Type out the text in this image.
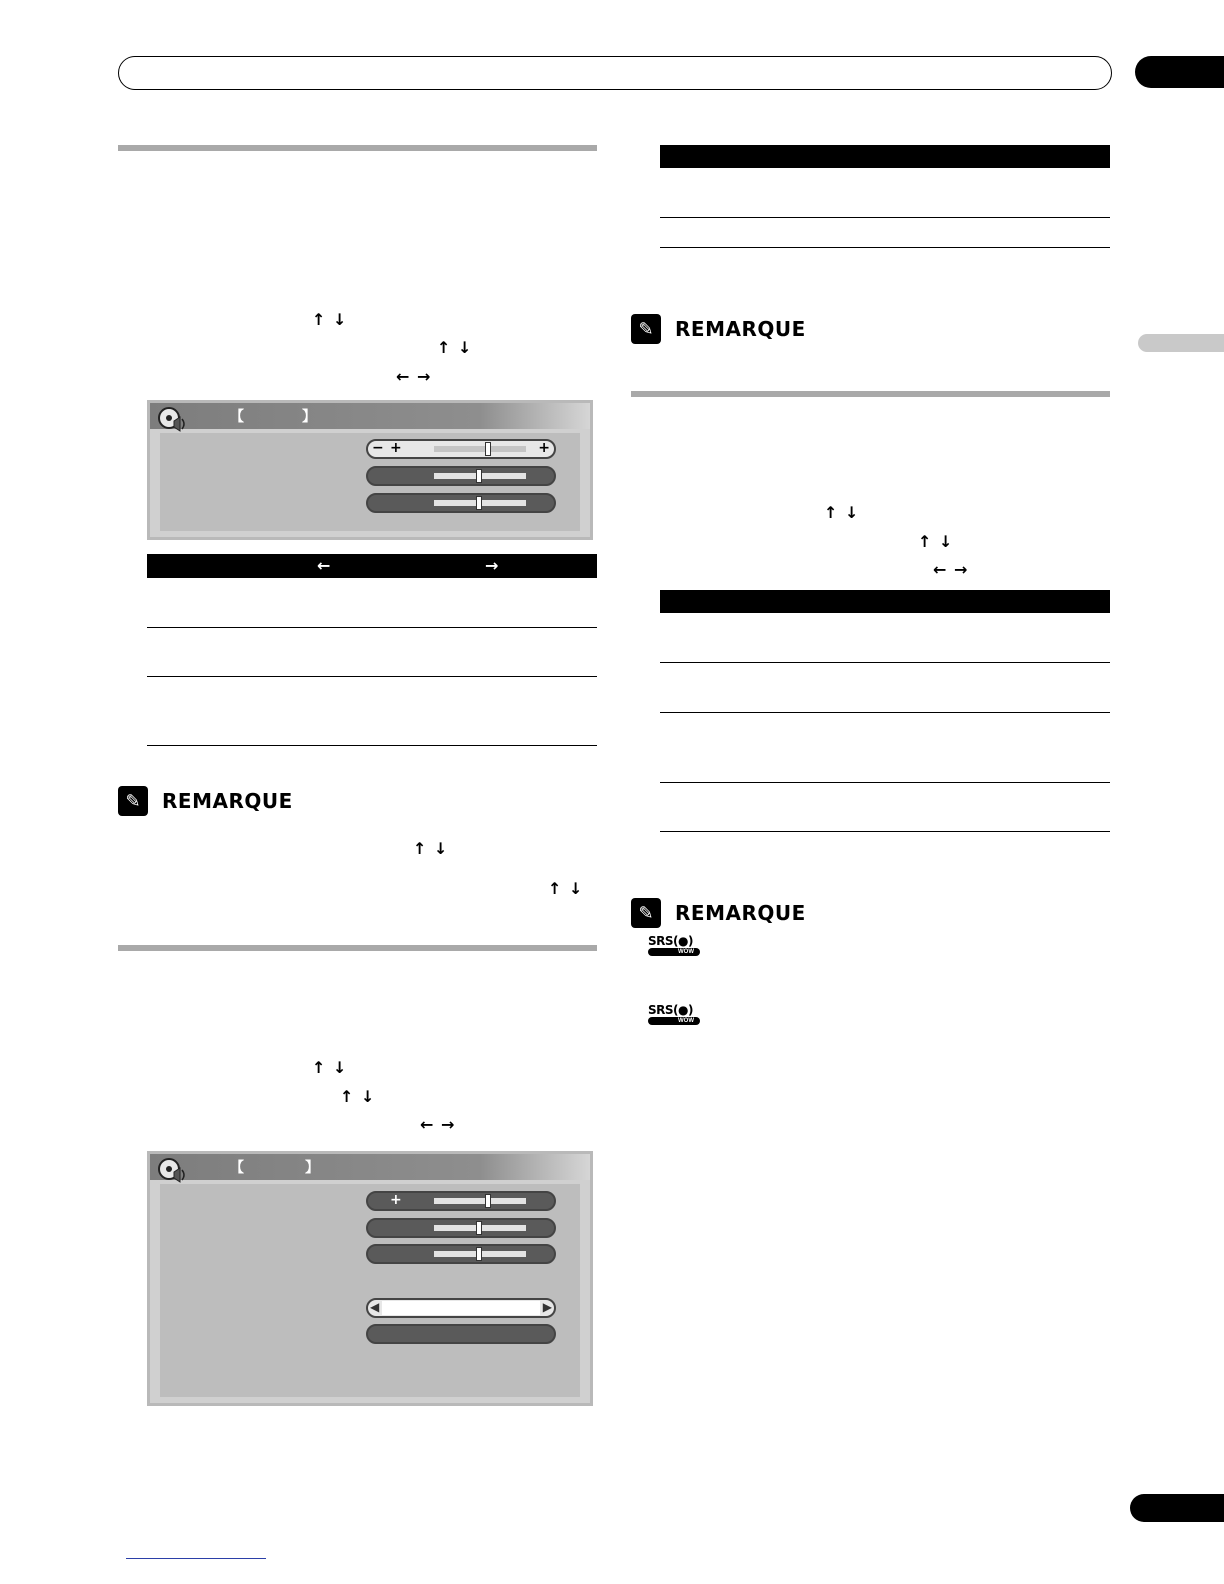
↑ ↓
↑ ↓
← →
【	】
− +	+
←	→
✎	REMARQUE
↑ ↓
↑ ↓
↑ ↓
↑ ↓
← →
【	】
+
◀	▶
✎	REMARQUE
↑ ↓
↑ ↓
← →
✎	REMARQUE
SRS(●)
WOW
SRS(●)
WOW
